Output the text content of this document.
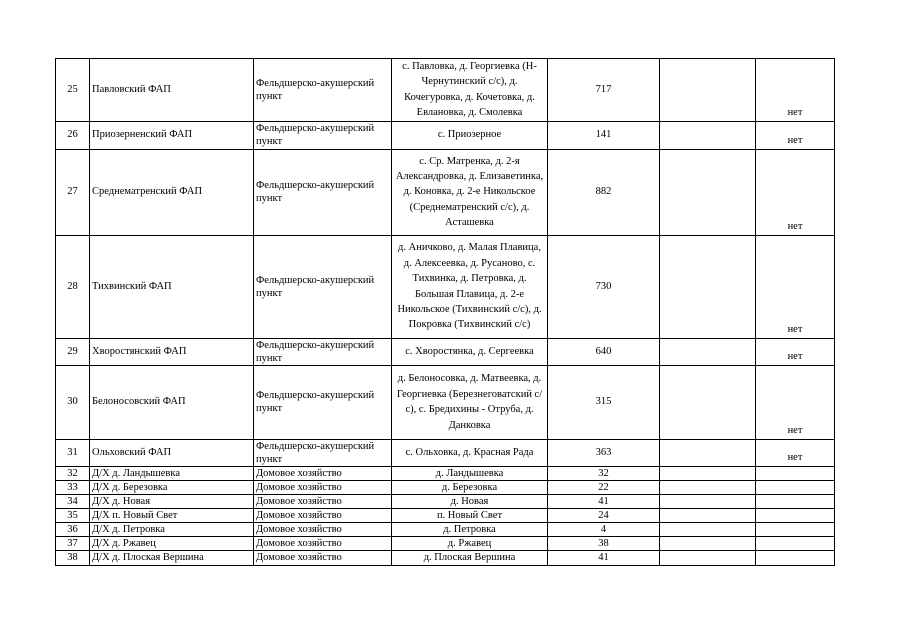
25	Павловский ФАП	Фельдшерско-акушерский пункт	с. Павловка, д. Георгиевка (Н-Чернутинский с/с), д. Кочегуровка, д. Кочетовка, д. Евлановка, д. Смолевка	717		нет
26	Приозерненский ФАП	Фельдшерско-акушерский пункт	с. Приозерное	141		нет
27	Среднематренский ФАП	Фельдшерско-акушерский пункт	с. Ср. Матренка, д. 2-я Александровка, д. Елизаветинка, д. Коновка, д. 2-е Никольское (Среднематренский с/с), д. Асташевка	882		нет
28	Тихвинский ФАП	Фельдшерско-акушерский пункт	д. Аничково, д. Малая Плавица, д. Алексеевка, д. Русаново, с. Тихвинка, д. Петровка, д. Большая Плавица, д. 2-е Никольское (Тихвинский с/с), д. Покровка (Тихвинский с/с)	730		нет
29	Хворостянский ФАП	Фельдшерско-акушерский пункт	с. Хворостянка, д. Сергеевка	640		нет
30	Белоносовский ФАП	Фельдшерско-акушерский пункт	д. Белоносовка, д. Матвеевка, д. Георгиевка (Березнеговатский с/с), с. Бредихины - Отруба, д. Данковка	315		нет
31	Ольховский ФАП	Фельдшерско-акушерский пункт	с. Ольховка, д. Красная Рада	363		нет
32	Д/Х д. Ландышевка	Домовое хозяйство	д. Ландышевка	32		
33	Д/Х д. Березовка	Домовое хозяйство	д. Березовка	22		
34	Д/Х д. Новая	Домовое хозяйство	д. Новая	41		
35	Д/Х п. Новый Свет	Домовое хозяйство	п. Новый Свет	24		
36	Д/Х д. Петровка	Домовое хозяйство	д. Петровка	4		
37	Д/Х д. Ржавец	Домовое хозяйство	д. Ржавец	38		
38	Д/Х д. Плоская Вершина	Домовое хозяйство	д. Плоская Вершина	41		
